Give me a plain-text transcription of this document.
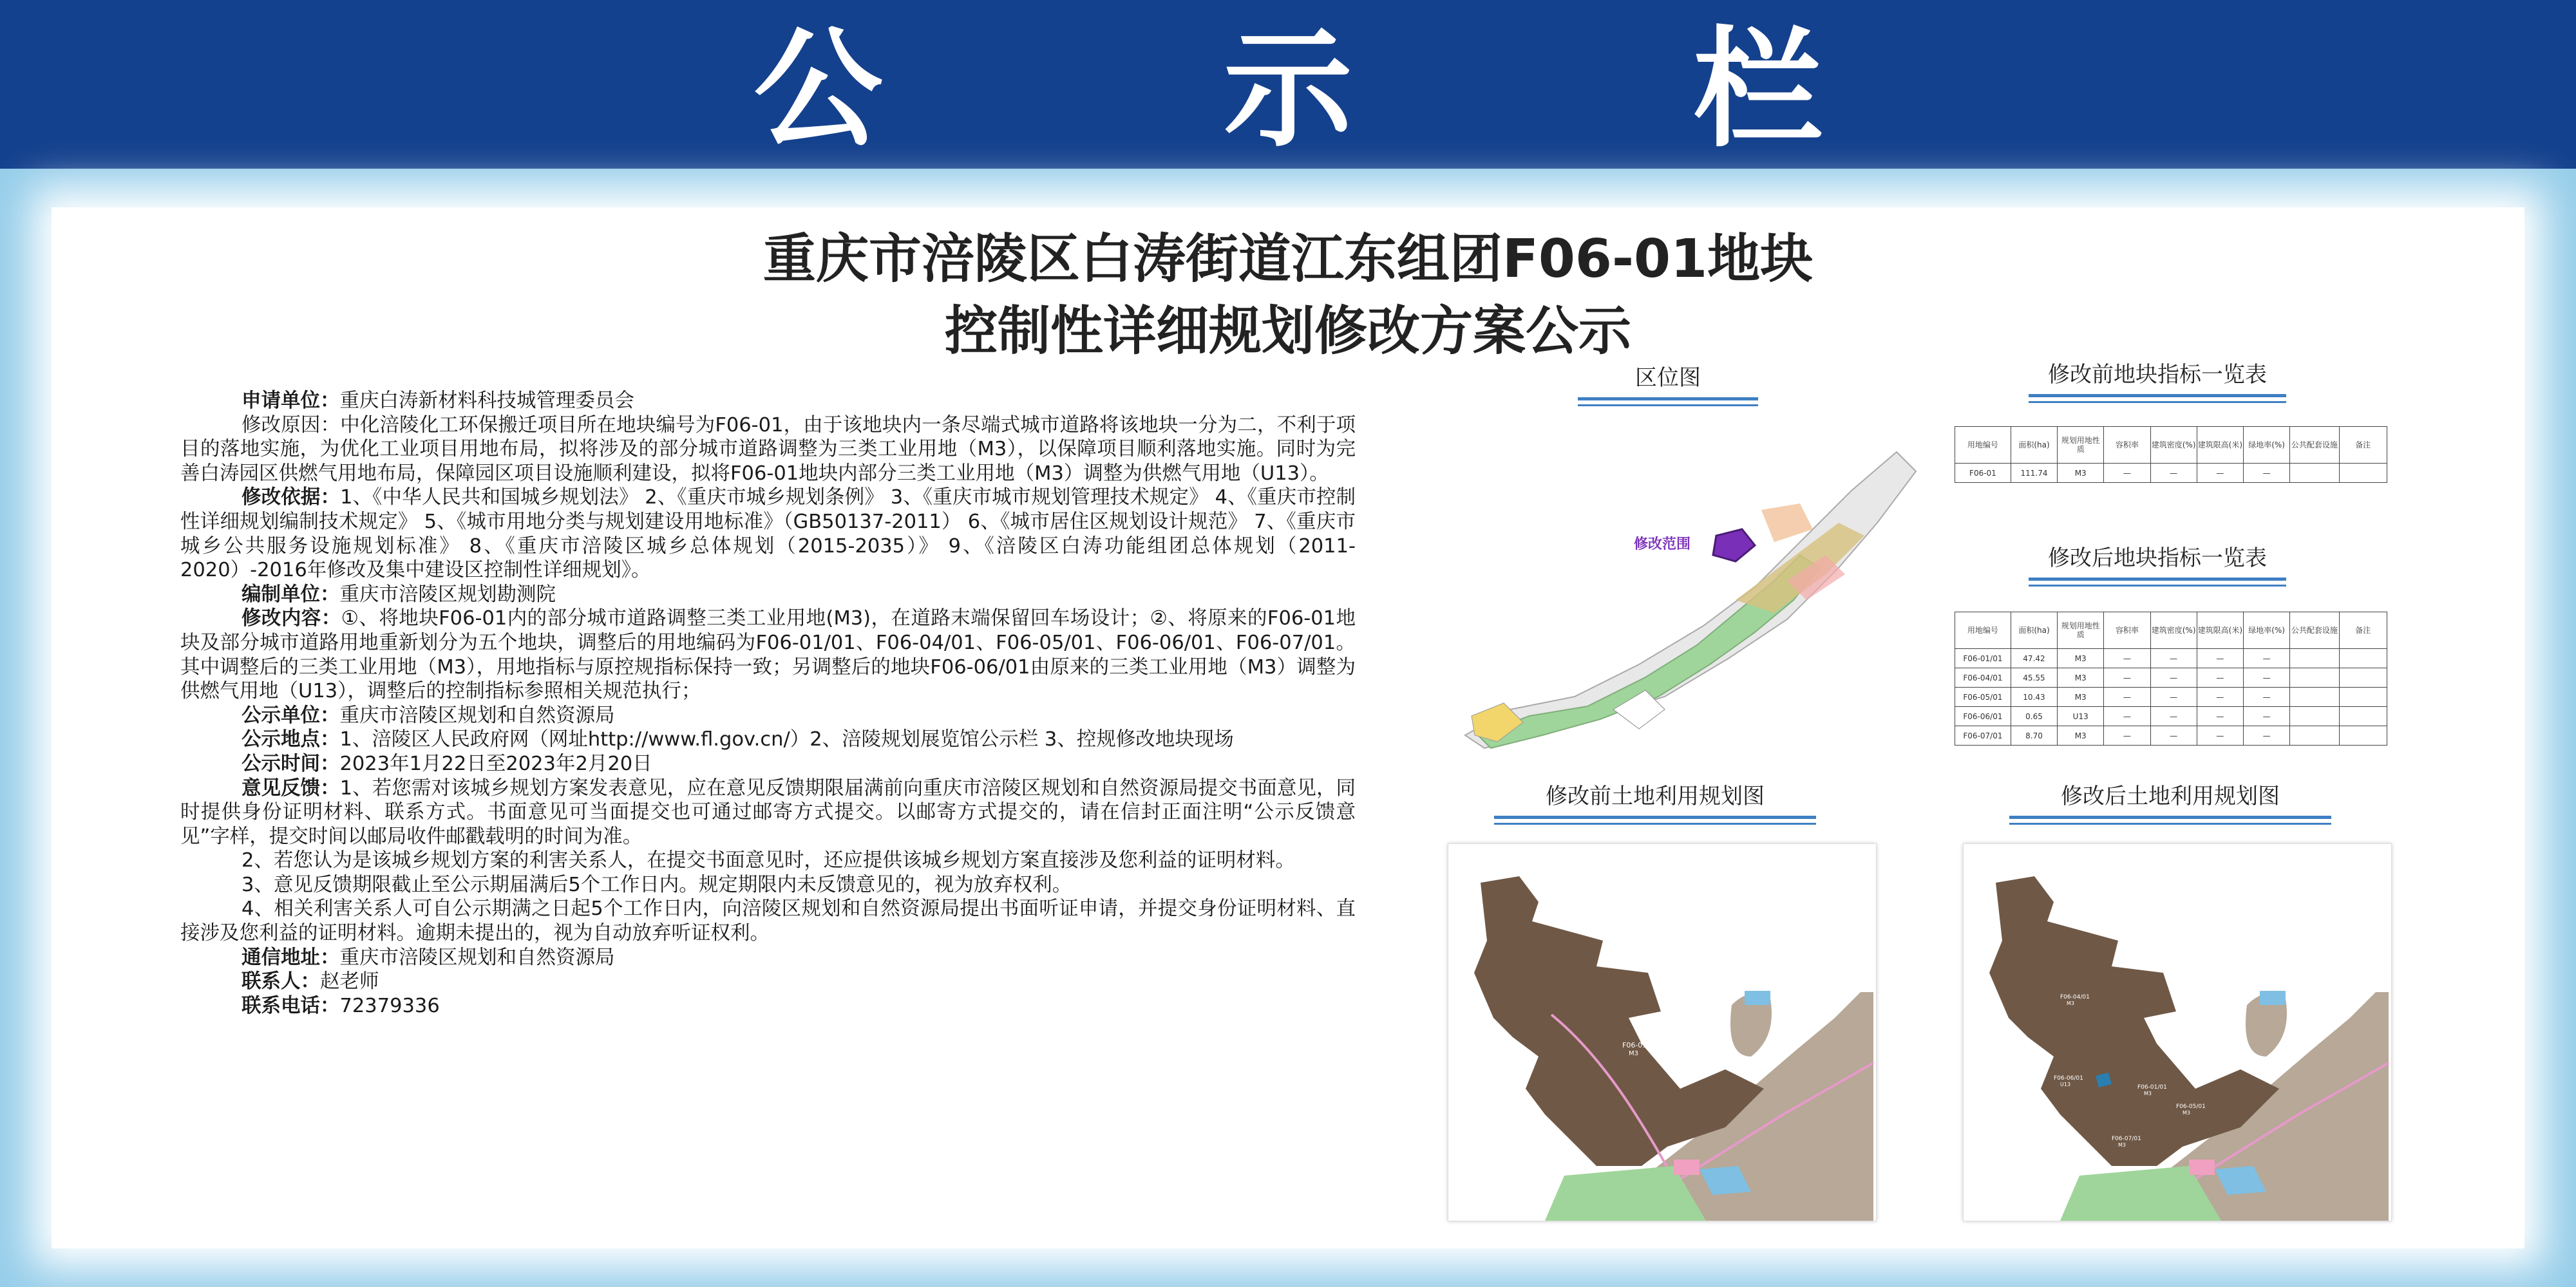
公 示 栏
重庆市涪陵区白涛街道江东组团F06-01地块
控制性详细规划修改方案公示

申请单位：重庆白涛新材料科技城管理委员会

修改原因：中化涪陵化工环保搬迁项目所在地块编号为F06-01，由于该地块内一条尽端式城市道路将该地块一分为二，不利于项目的落地实施，为优化工业项目用地布局，拟将涉及的部分城市道路调整为三类工业用地（M3），以保障项目顺利落地实施。同时为完善白涛园区供燃气用地布局，保障园区项目设施顺利建设，拟将F06-01地块内部分三类工业用地（M3）调整为供燃气用地（U13）。

修改依据：1、《中华人民共和国城乡规划法》 2、《重庆市城乡规划条例》 3、《重庆市城市规划管理技术规定》 4、《重庆市控制性详细规划编制技术规定》 5、《城市用地分类与规划建设用地标准》（GB50137-2011） 6、《城市居住区规划设计规范》 7、《重庆市城乡公共服务设施规划标准》 8、《重庆市涪陵区城乡总体规划（2015-2035）》 9、《涪陵区白涛功能组团总体规划（2011-2020）-2016年修改及集中建设区控制性详细规划》。

编制单位：重庆市涪陵区规划勘测院

修改内容：①、将地块F06-01内的部分城市道路调整三类工业用地(M3)，在道路末端保留回车场设计；②、将原来的F06-01地块及部分城市道路用地重新划分为五个地块，调整后的用地编码为F06-01/01、F06-04/01、F06-05/01、F06-06/01、F06-07/01。其中调整后的三类工业用地（M3），用地指标与原控规指标保持一致；另调整后的地块F06-06/01由原来的三类工业用地（M3）调整为供燃气用地（U13），调整后的控制指标参照相关规范执行；

公示单位：重庆市涪陵区规划和自然资源局

公示地点：1、涪陵区人民政府网（网址http://www.fl.gov.cn/）2、涪陵规划展览馆公示栏 3、控规修改地块现场

公示时间：2023年1月22日至2023年2月20日

意见反馈：1、若您需对该城乡规划方案发表意见，应在意见反馈期限届满前向重庆市涪陵区规划和自然资源局提交书面意见，同时提供身份证明材料、联系方式。书面意见可当面提交也可通过邮寄方式提交。以邮寄方式提交的，请在信封正面注明“公示反馈意见”字样，提交时间以邮局收件邮戳载明的时间为准。

2、若您认为是该城乡规划方案的利害关系人，在提交书面意见时，还应提供该城乡规划方案直接涉及您利益的证明材料。

3、意见反馈期限截止至公示期届满后5个工作日内。规定期限内未反馈意见的，视为放弃权利。

4、相关利害关系人可自公示期满之日起5个工作日内，向涪陵区规划和自然资源局提出书面听证申请，并提交身份证明材料、直接涉及您利益的证明材料。逾期未提出的，视为自动放弃听证权利。

通信地址：重庆市涪陵区规划和自然资源局

联系人：赵老师

联系电话：72379336

区位图
修改范围
修改前地块指标一览表
用地编号	面积(ha)	规划用地性质	容积率	建筑密度(%)	建筑限高(米)	绿地率(%)	公共配套设施	备注
F06-01	111.74	M3	—	—	—	—		
修改后地块指标一览表
用地编号	面积(ha)	规划用地性质	容积率	建筑密度(%)	建筑限高(米)	绿地率(%)	公共配套设施	备注
F06-01/01	47.42	M3	—	—	—	—		
F06-04/01	45.55	M3	—	—	—	—		
F06-05/01	10.43	M3	—	—	—	—		
F06-06/01	0.65	U13	—	—	—	—		
F06-07/01	8.70	M3	—	—	—	—		
修改前土地利用规划图
F06-01
M3
修改后土地利用规划图
F06-04/01
M3
F06-01/01
M3
F06-06/01
U13
F06-07/01
M3
F06-05/01
M3
